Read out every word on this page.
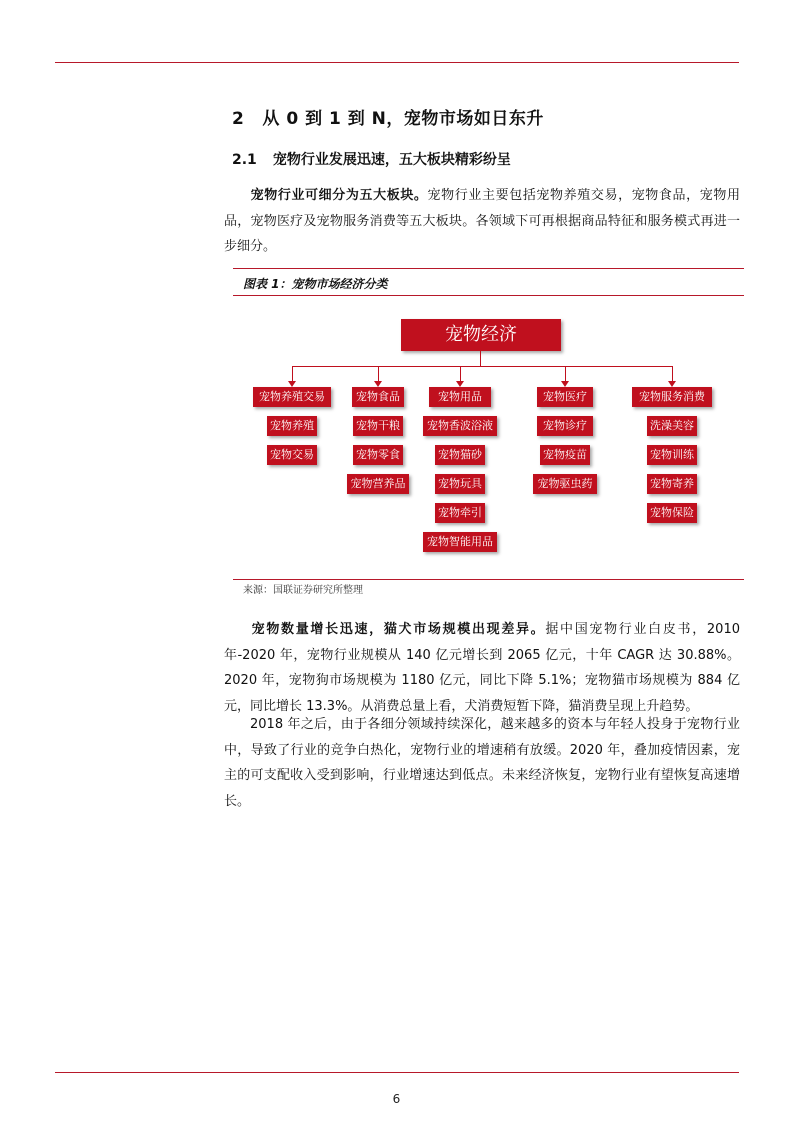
2 从 0 到 1 到 N，宠物市场如日东升
2.1 宠物行业发展迅速，五大板块精彩纷呈
宠物行业可细分为五大板块。宠物行业主要包括宠物养殖交易，宠物食品，宠物用品，宠物医疗及宠物服务消费等五大板块。各领域下可再根据商品特征和服务模式再进一步细分。
图表 1：宠物市场经济分类
宠物经济
宠物养殖交易
宠物养殖
宠物交易
宠物食品
宠物干粮
宠物零食
宠物营养品
宠物用品
宠物香波浴液
宠物猫砂
宠物玩具
宠物牵引
宠物智能用品
宠物医疗
宠物诊疗
宠物疫苗
宠物驱虫药
宠物服务消费
洗澡美容
宠物训练
宠物寄养
宠物保险
来源：国联证券研究所整理
宠物数量增长迅速，猫犬市场规模出现差异。据中国宠物行业白皮书，2010 年-2020 年，宠物行业规模从 140 亿元增长到 2065 亿元，十年 CAGR 达 30.88%。2020 年，宠物狗市场规模为 1180 亿元，同比下降 5.1%；宠物猫市场规模为 884 亿元，同比增长 13.3%。从消费总量上看，犬消费短暂下降，猫消费呈现上升趋势。
2018 年之后，由于各细分领域持续深化，越来越多的资本与年轻人投身于宠物行业中，导致了行业的竞争白热化，宠物行业的增速稍有放缓。2020 年，叠加疫情因素，宠主的可支配收入受到影响，行业增速达到低点。未来经济恢复，宠物行业有望恢复高速增长。
6
